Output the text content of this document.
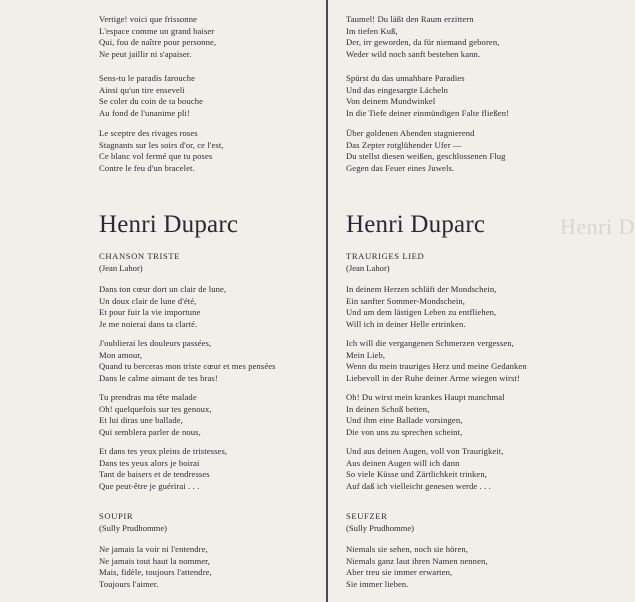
Henri D
Vertige! voici que frissonne
L'espace comme un grand baiser
Qui, fou de naître pour personne,
Ne peut jaillir ni s'apaiser.
Sens-tu le paradis farouche
Ainsi qu'un tire enseveli
Se coler du coin de ta bouche
Au fond de l'unanime pli!
Le sceptre des rivages roses
Stagnants sur les soirs d'or, ce l'est,
Ce blanc vol fermé que tu poses
Contre le feu d'un bracelet.
Henri Duparc
CHANSON TRISTE
(Jean Lahor)
Dans ton cœur dort un clair de lune,
Un doux clair de lune d'été,
Et pour fuir la vie importune
Je me noierai dans ta clarté.
J'oublierai les douleurs passées,
Mon amour,
Quand tu berceras mon triste cœur et mes pensées
Dans le calme aimant de tes bras!
Tu prendras ma tête malade
Oh! quelquefois sur tes genoux,
Et lui diras une ballade,
Qui semblera parler de nous,
Et dans tes yeux pleins de tristesses,
Dans tes yeux alors je boirai
Tant de baisers et de tendresses
Que peut-être je guérirai . . .
SOUPIR
(Sully Prudhomme)
Ne jamais la voir ni l'entendre,
Ne jamais tout haut la nommer,
Mais, fidèle, toujours l'attendre,
Toujours l'aimer.
Taumel! Du läßt den Raum erzittern
Im tiefen Kuß,
Der, irr geworden, da für niemand geboren,
Weder wild noch sanft bestehen kann.
Spürst du das unnahbare Paradies
Und das eingesargte Lächeln
Von deinem Mundwinkel
In die Tiefe deiner einmündigen Falte fließen!
Über goldenen Abenden stagnierend
Das Zepter rotglühender Ufer —
Du stellst diesen weißen, geschlossenen Flug
Gegen das Feuer eines Juwels.
Henri Duparc
TRAURIGES LIED
(Jean Lahor)
In deinem Herzen schläft der Mondschein,
Ein sanfter Sommer-Mondschein,
Und um dem lästigen Leben zu entfliehen,
Will ich in deiner Helle ertrinken.
Ich will die vergangenen Schmerzen vergessen,
Mein Lieb,
Wenn du mein trauriges Herz und meine Gedanken
Liebevoll in der Ruhe deiner Arme wiegen wirst!
Oh! Du wirst mein krankes Haupt manchmal
In deinen Schoß betten,
Und ihm eine Ballade vorsingen,
Die von uns zu sprechen scheint,
Und aus deinen Augen, voll von Traurigkeit,
Aus deinen Augen will ich dann
So viele Küsse und Zärtlichkeit trinken,
Auf daß ich vielleicht genesen werde . . .
SEUFZER
(Sully Prudhomme)
Niemals sie sehen, noch sie hören,
Niemals ganz laut ihren Namen nennen,
Aber treu sie immer erwarten,
Sie immer lieben.
